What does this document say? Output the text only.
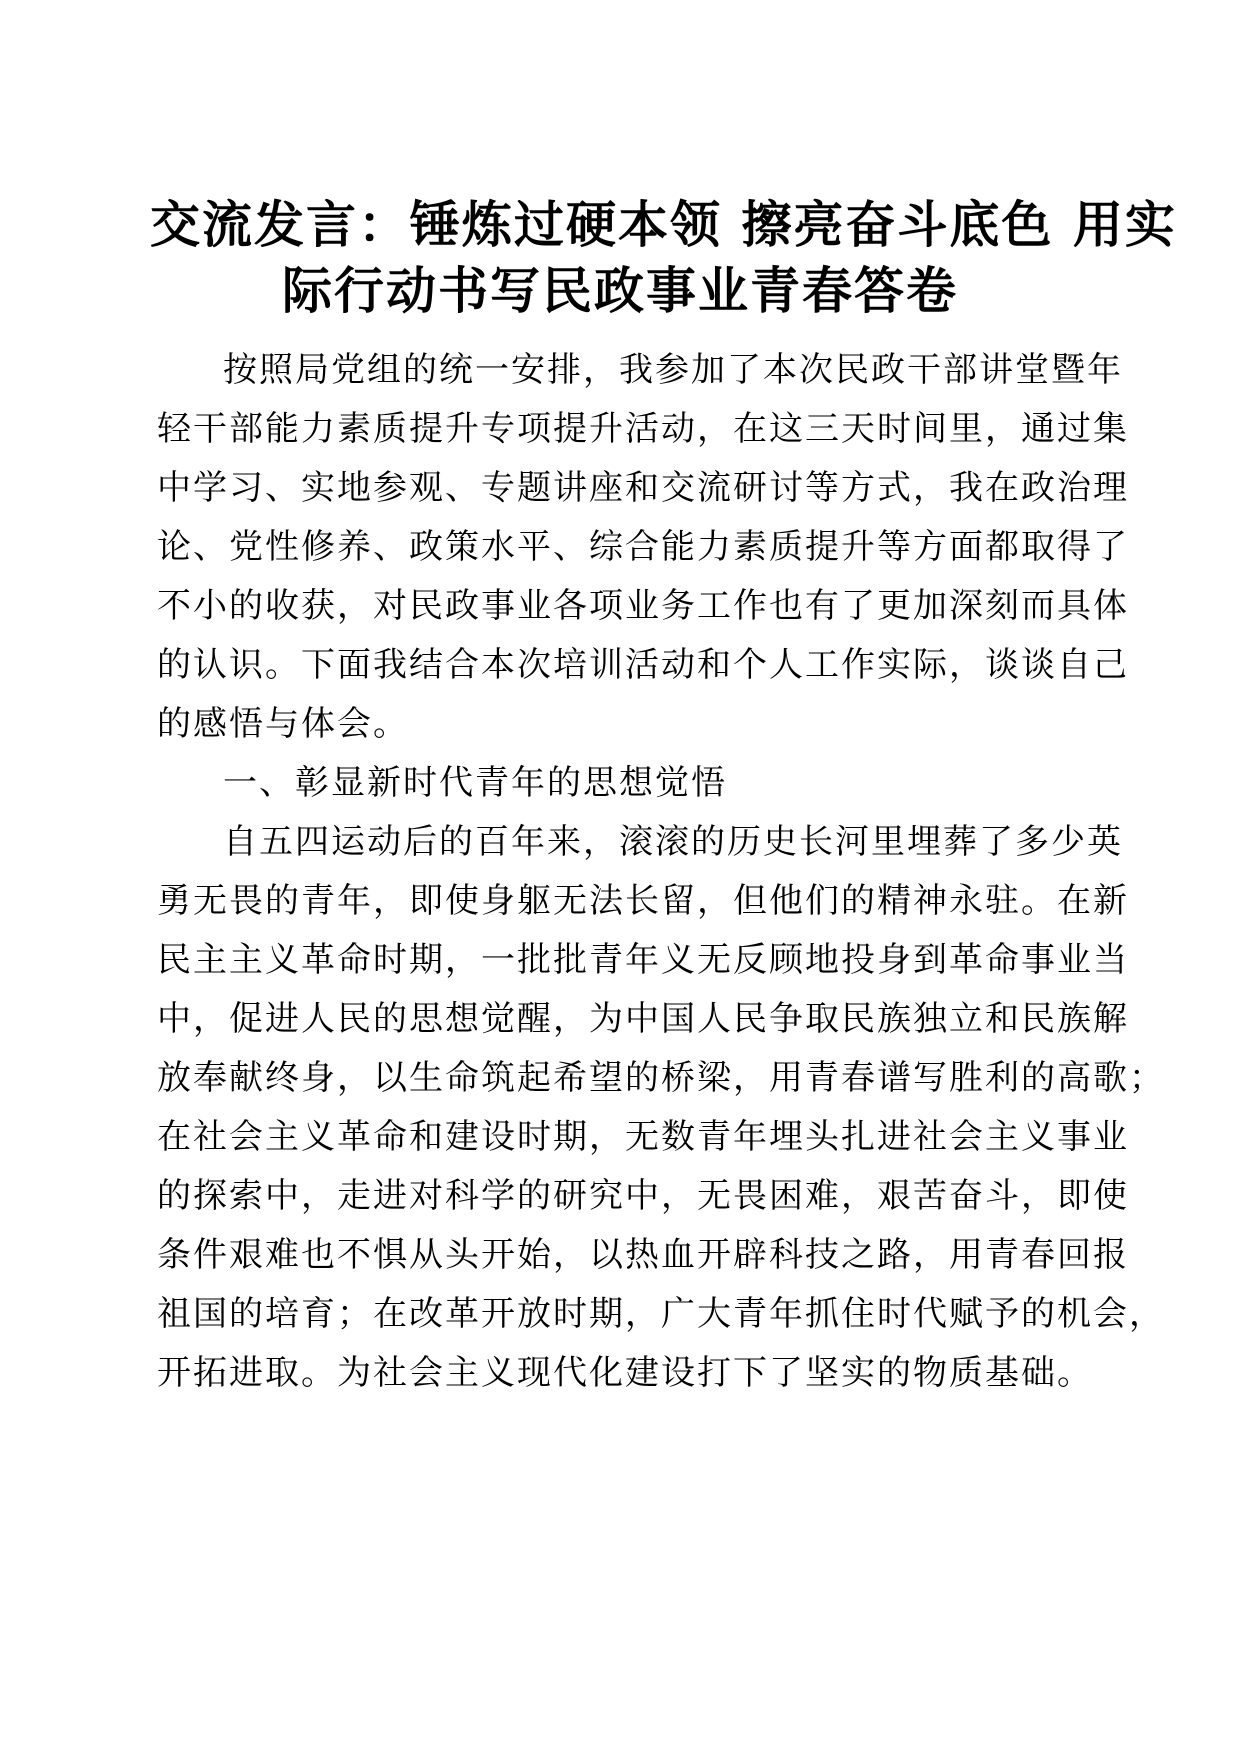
交流发言：锤炼过硬本领 擦亮奋斗底色 用实
际行动书写民政事业青春答卷
按照局党组的统一安排，我参加了本次民政干部讲堂暨年
轻干部能力素质提升专项提升活动，在这三天时间里，通过集
中学习、实地参观、专题讲座和交流研讨等方式，我在政治理
论、党性修养、政策水平、综合能力素质提升等方面都取得了
不小的收获，对民政事业各项业务工作也有了更加深刻而具体
的认识。下面我结合本次培训活动和个人工作实际，谈谈自己
的感悟与体会。
一、彰显新时代青年的思想觉悟
自五四运动后的百年来，滚滚的历史长河里埋葬了多少英
勇无畏的青年，即使身躯无法长留，但他们的精神永驻。在新
民主主义革命时期，一批批青年义无反顾地投身到革命事业当
中，促进人民的思想觉醒，为中国人民争取民族独立和民族解
放奉献终身，以生命筑起希望的桥梁，用青春谱写胜利的高歌；
在社会主义革命和建设时期，无数青年埋头扎进社会主义事业
的探索中，走进对科学的研究中，无畏困难，艰苦奋斗，即使
条件艰难也不惧从头开始，以热血开辟科技之路，用青春回报
祖国的培育；在改革开放时期，广大青年抓住时代赋予的机会，
开拓进取。为社会主义现代化建设打下了坚实的物质基础。
